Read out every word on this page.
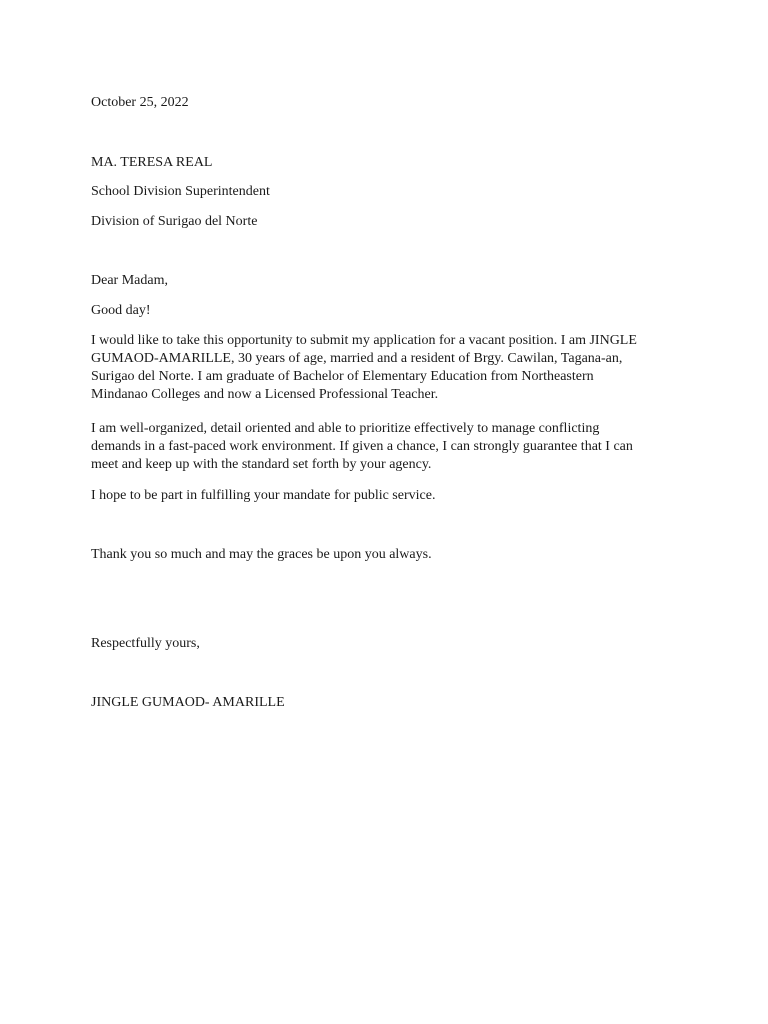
October 25, 2022

MA. TERESA REAL

School Division Superintendent

Division of Surigao del Norte

Dear Madam,

Good day!

I would like to take this opportunity to submit my application for a vacant position. I am JINGLE
GUMAOD-AMARILLE, 30 years of age, married and a resident of Brgy. Cawilan, Tagana-an,
Surigao del Norte. I am graduate of Bachelor of Elementary Education from Northeastern
Mindanao Colleges and now a Licensed Professional Teacher.
I am well-organized, detail oriented and able to prioritize effectively to manage conflicting
demands in a fast-paced work environment. If given a chance, I can strongly guarantee that I can
meet and keep up with the standard set forth by your agency.

I hope to be part in fulfilling your mandate for public service.

Thank you so much and may the graces be upon you always.

Respectfully yours,

JINGLE GUMAOD- AMARILLE
